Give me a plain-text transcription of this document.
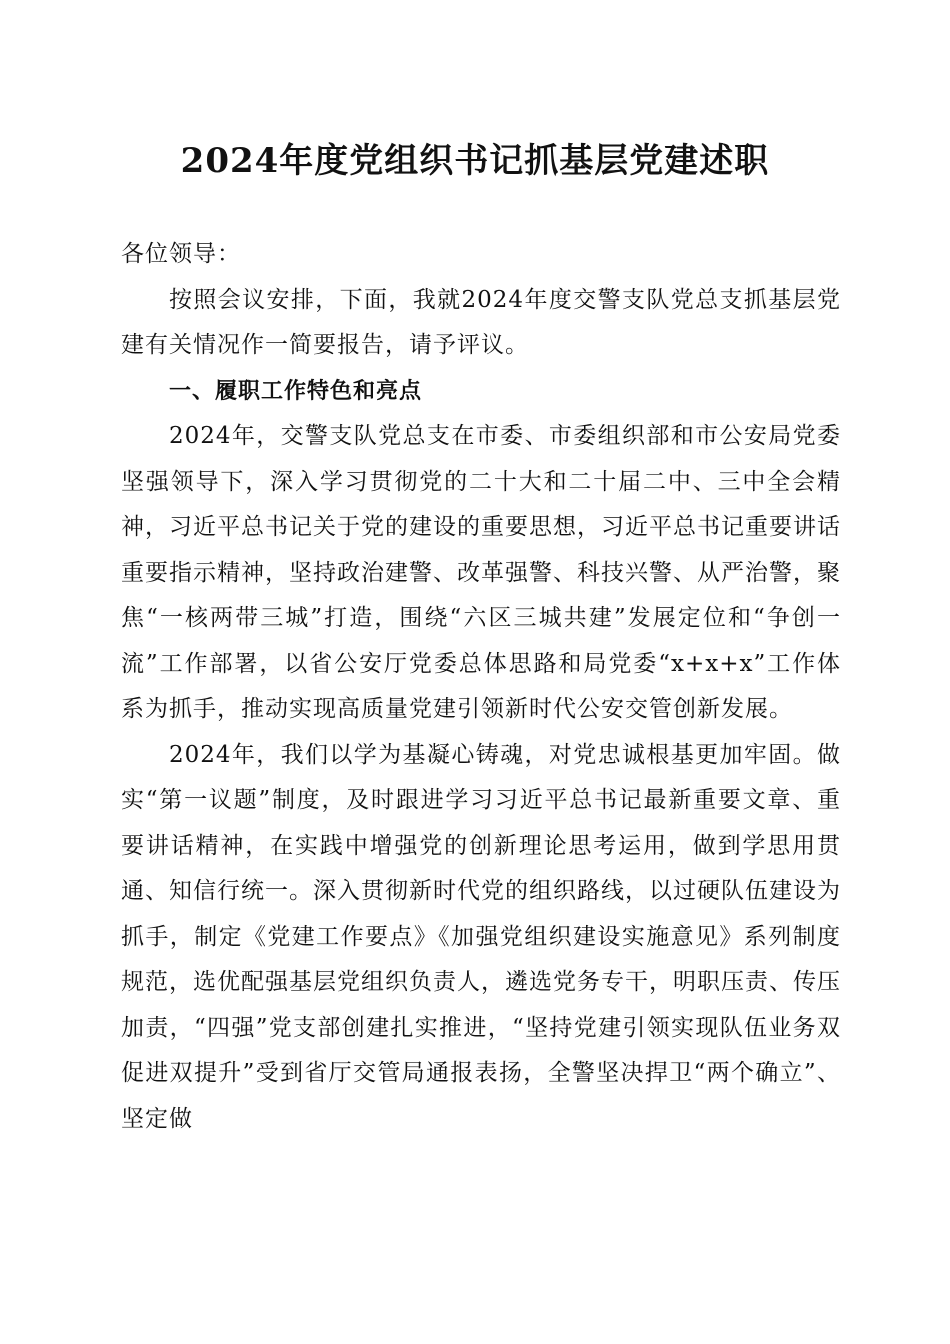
2024年度党组织书记抓基层党建述职

各位领导：

按照会议安排，下面，我就2024年度交警支队党总支抓基层党建有关情况作一简要报告，请予评议。

一、履职工作特色和亮点

2024年，交警支队党总支在市委、市委组织部和市公安局党委坚强领导下，深入学习贯彻党的二十大和二十届二中、三中全会精神，习近平总书记关于党的建设的重要思想，习近平总书记重要讲话重要指示精神，坚持政治建警、改革强警、科技兴警、从严治警，聚焦“一核两带三城”打造，围绕“六区三城共建”发展定位和“争创一流”工作部署，以省公安厅党委总体思路和局党委“x+x+x”工作体系为抓手，推动实现高质量党建引领新时代公安交管创新发展。

2024年，我们以学为基凝心铸魂，对党忠诚根基更加牢固。做实“第一议题”制度，及时跟进学习习近平总书记最新重要文章、重要讲话精神，在实践中增强党的创新理论思考运用，做到学思用贯通、知信行统一。深入贯彻新时代党的组织路线，以过硬队伍建设为抓手，制定《党建工作要点》《加强党组织建设实施意见》系列制度规范，选优配强基层党组织负责人，遴选党务专干，明职压责、传压加责，“四强”党支部创建扎实推进，“坚持党建引领实现队伍业务双促进双提升”受到省厅交管局通报表扬，全警坚决捍卫“两个确立”、坚定做
